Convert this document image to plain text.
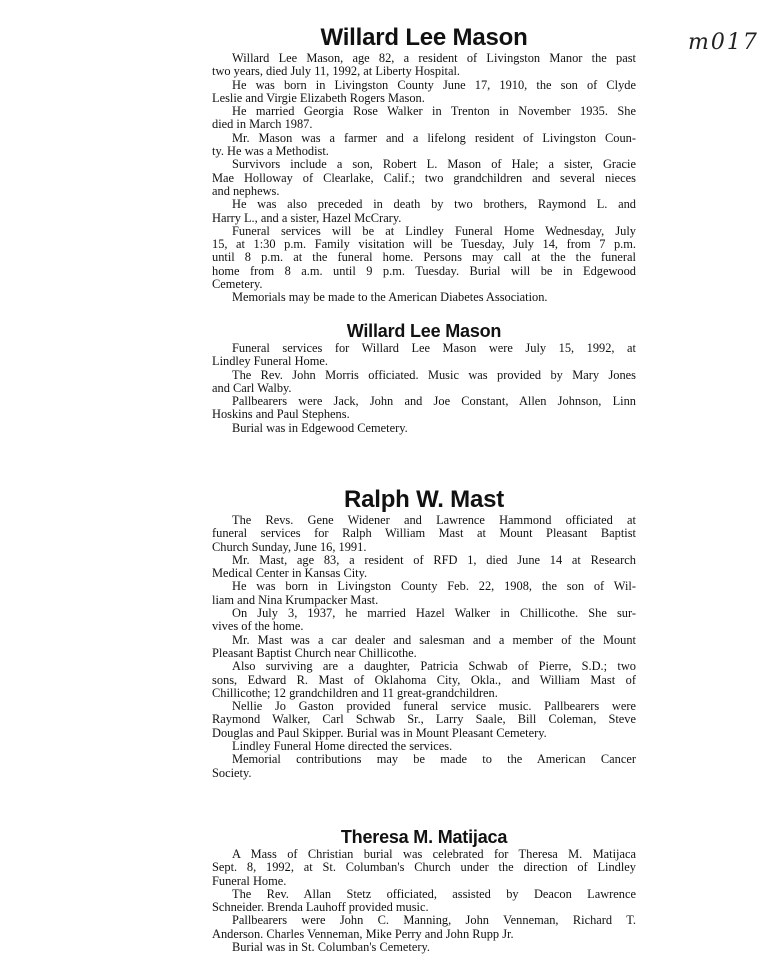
m017
Willard Lee Mason
Willard Lee Mason, age 82, a resident of Livingston Manor the past
two years, died July 11, 1992, at Liberty Hospital.
He was born in Livingston County June 17, 1910, the son of Clyde
Leslie and Virgie Elizabeth Rogers Mason.
He married Georgia Rose Walker in Trenton in November 1935. She
died in March 1987.
Mr. Mason was a farmer and a lifelong resident of Livingston Coun-
ty. He was a Methodist.
Survivors include a son, Robert L. Mason of Hale; a sister, Gracie
Mae Holloway of Clearlake, Calif.; two grandchildren and several nieces
and nephews.
He was also preceded in death by two brothers, Raymond L. and
Harry L., and a sister, Hazel McCrary.
Funeral services will be at Lindley Funeral Home Wednesday, July
15, at 1:30 p.m. Family visitation will be Tuesday, July 14, from 7 p.m.
until 8 p.m. at the funeral home. Persons may call at the the funeral
home from 8 a.m. until 9 p.m. Tuesday. Burial will be in Edgewood
Cemetery.
Memorials may be made to the American Diabetes Association.
Willard Lee Mason
Funeral services for Willard Lee Mason were July 15, 1992, at
Lindley Funeral Home.
The Rev. John Morris officiated. Music was provided by Mary Jones
and Carl Walby.
Pallbearers were Jack, John and Joe Constant, Allen Johnson, Linn
Hoskins and Paul Stephens.
Burial was in Edgewood Cemetery.
Ralph W. Mast
The Revs. Gene Widener and Lawrence Hammond officiated at
funeral services for Ralph William Mast at Mount Pleasant Baptist
Church Sunday, June 16, 1991.
Mr. Mast, age 83, a resident of RFD 1, died June 14 at Research
Medical Center in Kansas City.
He was born in Livingston County Feb. 22, 1908, the son of Wil-
liam and Nina Krumpacker Mast.
On July 3, 1937, he married Hazel Walker in Chillicothe. She sur-
vives of the home.
Mr. Mast was a car dealer and salesman and a member of the Mount
Pleasant Baptist Church near Chillicothe.
Also surviving are a daughter, Patricia Schwab of Pierre, S.D.; two
sons, Edward R. Mast of Oklahoma City, Okla., and William Mast of
Chillicothe; 12 grandchildren and 11 great-grandchildren.
Nellie Jo Gaston provided funeral service music. Pallbearers were
Raymond Walker, Carl Schwab Sr., Larry Saale, Bill Coleman, Steve
Douglas and Paul Skipper. Burial was in Mount Pleasant Cemetery.
Lindley Funeral Home directed the services.
Memorial contributions may be made to the American Cancer
Society.
Theresa M. Matijaca
A Mass of Christian burial was celebrated for Theresa M. Matijaca
Sept. 8, 1992, at St. Columban's Church under the direction of Lindley
Funeral Home.
The Rev. Allan Stetz officiated, assisted by Deacon Lawrence
Schneider. Brenda Lauhoff provided music.
Pallbearers were John C. Manning, John Venneman, Richard T.
Anderson. Charles Venneman, Mike Perry and John Rupp Jr.
Burial was in St. Columban's Cemetery.
